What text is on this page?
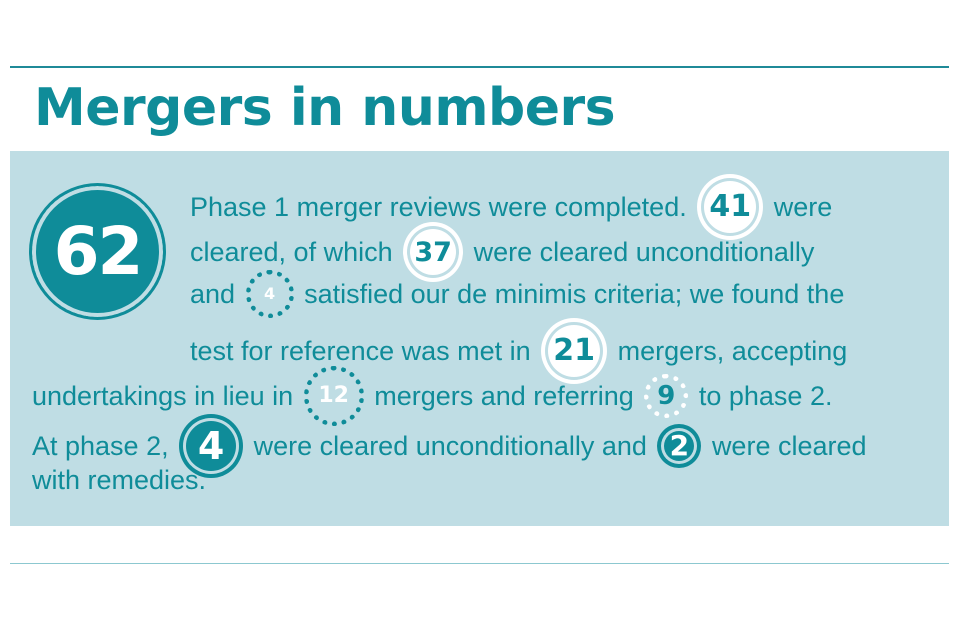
Mergers in numbers
62

Phase 1 merger reviews were completed. 41 were

cleared, of which 37 were cleared unconditionally

and 4 satisfied our de minimis criteria; we found the

test for reference was met in 21 mergers, accepting

undertakings in lieu in 12 mergers and referring 9 to phase 2.

At phase 2, 4 were cleared unconditionally and 2 were cleared

with remedies.
